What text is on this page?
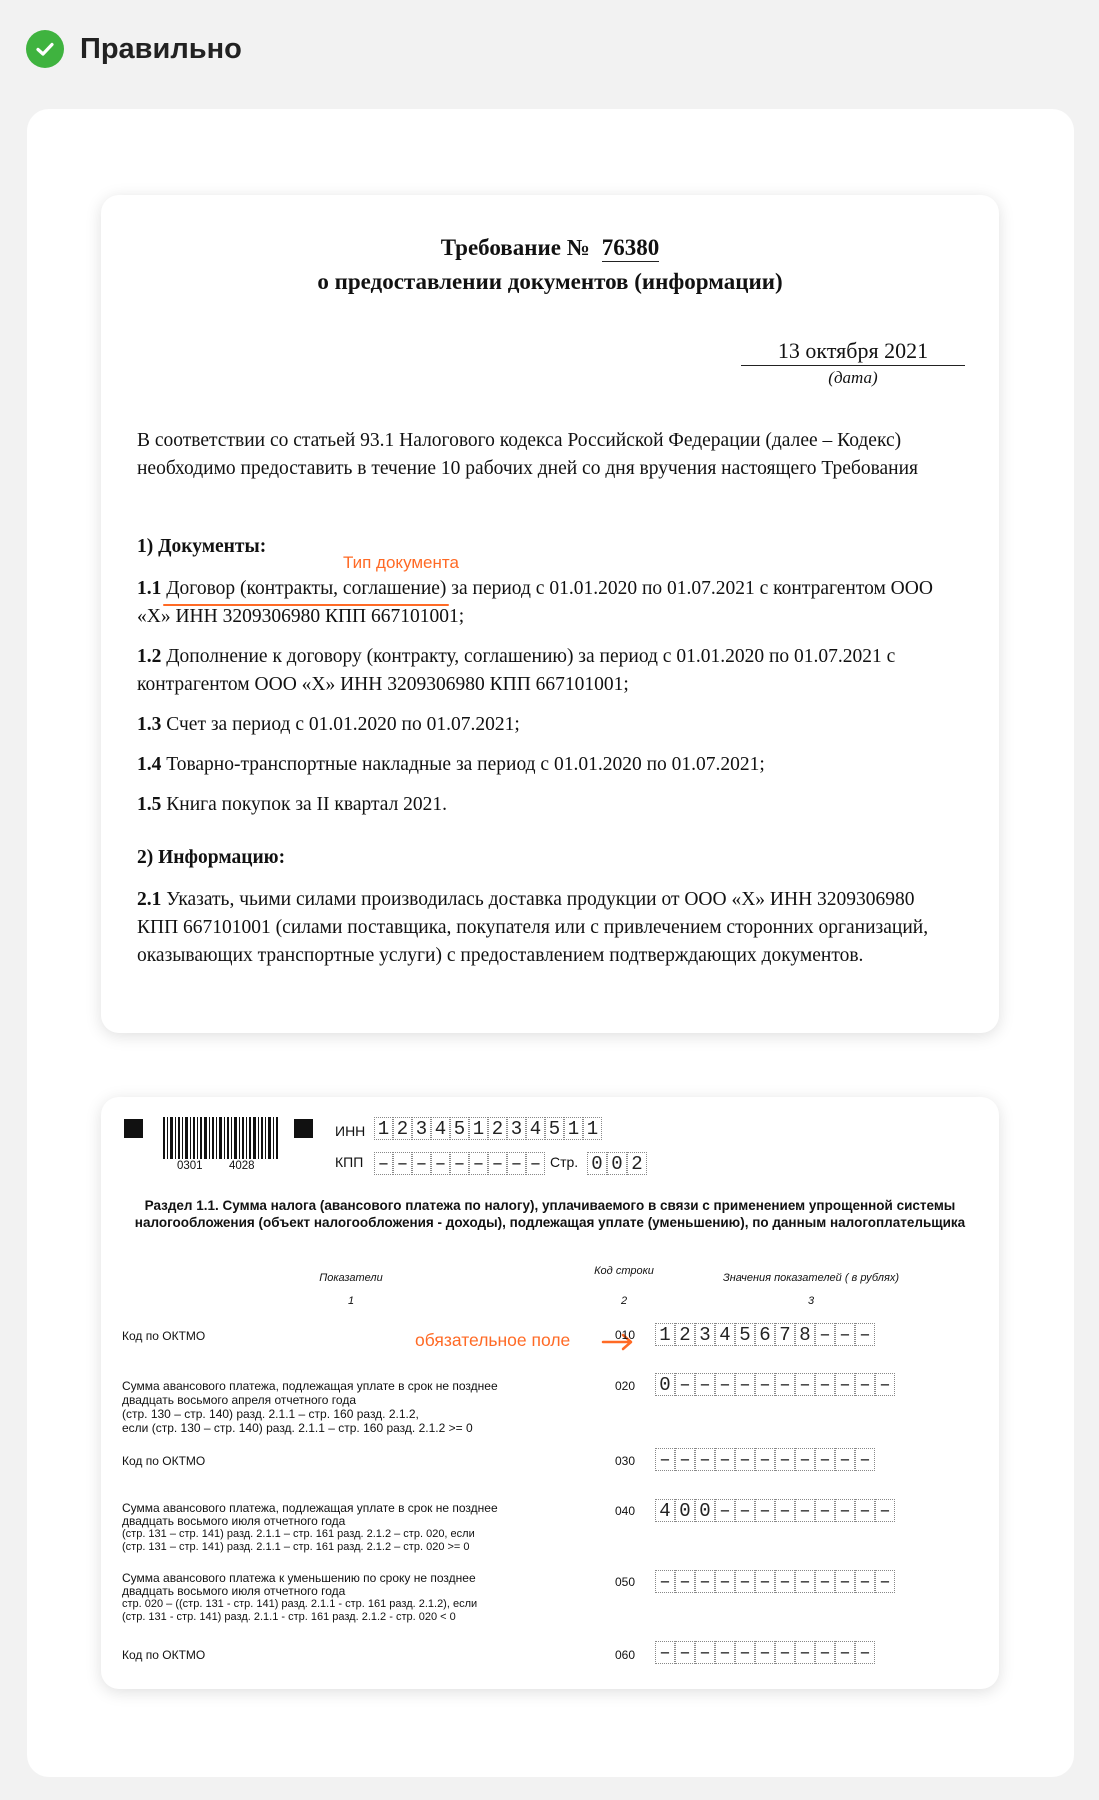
Правильно
Требование № 76380
о предоставлении документов (информации)
13 октября 2021
(дата)
В соответствии со статьей 93.1 Налогового кодекса Российской Федерации (далее – Кодекс) необходимо предоставить в течение 10 рабочих дней со дня вручения настоящего Требования
1) Документы:
Тип документа
1.1 Договор (контракты, соглашение) за период с 01.01.2020 по 01.07.2021 с контрагентом ООО «Х» ИНН 3209306980 КПП 667101001;
1.2 Дополнение к договору (контракту, соглашению) за период с 01.01.2020 по 01.07.2021 с контрагентом ООО «Х» ИНН 3209306980 КПП 667101001;
1.3 Счет за период с 01.01.2020 по 01.07.2021;
1.4 Товарно-транспортные накладные за период с 01.01.2020 по 01.07.2021;
1.5 Книга покупок за II квартал 2021.
2) Информацию:
2.1 Указать, чьими силами производилась доставка продукции от ООО «Х» ИНН 3209306980 КПП 667101001 (силами поставщика, покупателя или с привлечением сторонних организаций, оказывающих транспортные услуги) с предоставлением подтверждающих документов.
0301 4028
ИНН 1 2 3 4 5 1 2 3 4 5 1 1
КПП – – – – – – – – – Стр. 0 0 2
Раздел 1.1. Сумма налога (авансового платежа по налогу), уплачиваемого в связи с применением упрощенной системы налогообложения (объект налогообложения - доходы), подлежащая уплате (уменьшению), по данным налогоплательщика
Показатели
Код строки
Значения показателей ( в рублях)
1	2	3
Код по ОКТМО	обязательное поле	010 1 2 3 4 5 6 7 8 – – –
Сумма авансового платежа, подлежащая уплате в срок не позднее
двадцать восьмого апреля отчетного года
(стр. 130 – стр. 140) разд. 2.1.1 – стр. 160 разд. 2.1.2,
если (стр. 130 – стр. 140) разд. 2.1.1 – стр. 160 разд. 2.1.2 >= 0
020 0 – – – – – – – – – – –
Код по ОКТМО	030 – – – – – – – – – – –
Сумма авансового платежа, подлежащая уплате в срок не позднее
двадцать восьмого июля отчетного года
(стр. 131 – стр. 141) разд. 2.1.1 – стр. 161 разд. 2.1.2 – стр. 020, если
(стр. 131 – стр. 141) разд. 2.1.1 – стр. 161 разд. 2.1.2 – стр. 020 >= 0
040 4 0 0 – – – – – – – – –
Сумма авансового платежа к уменьшению по сроку не позднее
двадцать восьмого июля отчетного года
стр. 020 – ((стр. 131 - стр. 141) разд. 2.1.1 - стр. 161 разд. 2.1.2), если
(стр. 131 - стр. 141) разд. 2.1.1 - стр. 161 разд. 2.1.2 - стр. 020 < 0
050 – – – – – – – – – – – –
Код по ОКТМО	060 – – – – – – – – – – –
